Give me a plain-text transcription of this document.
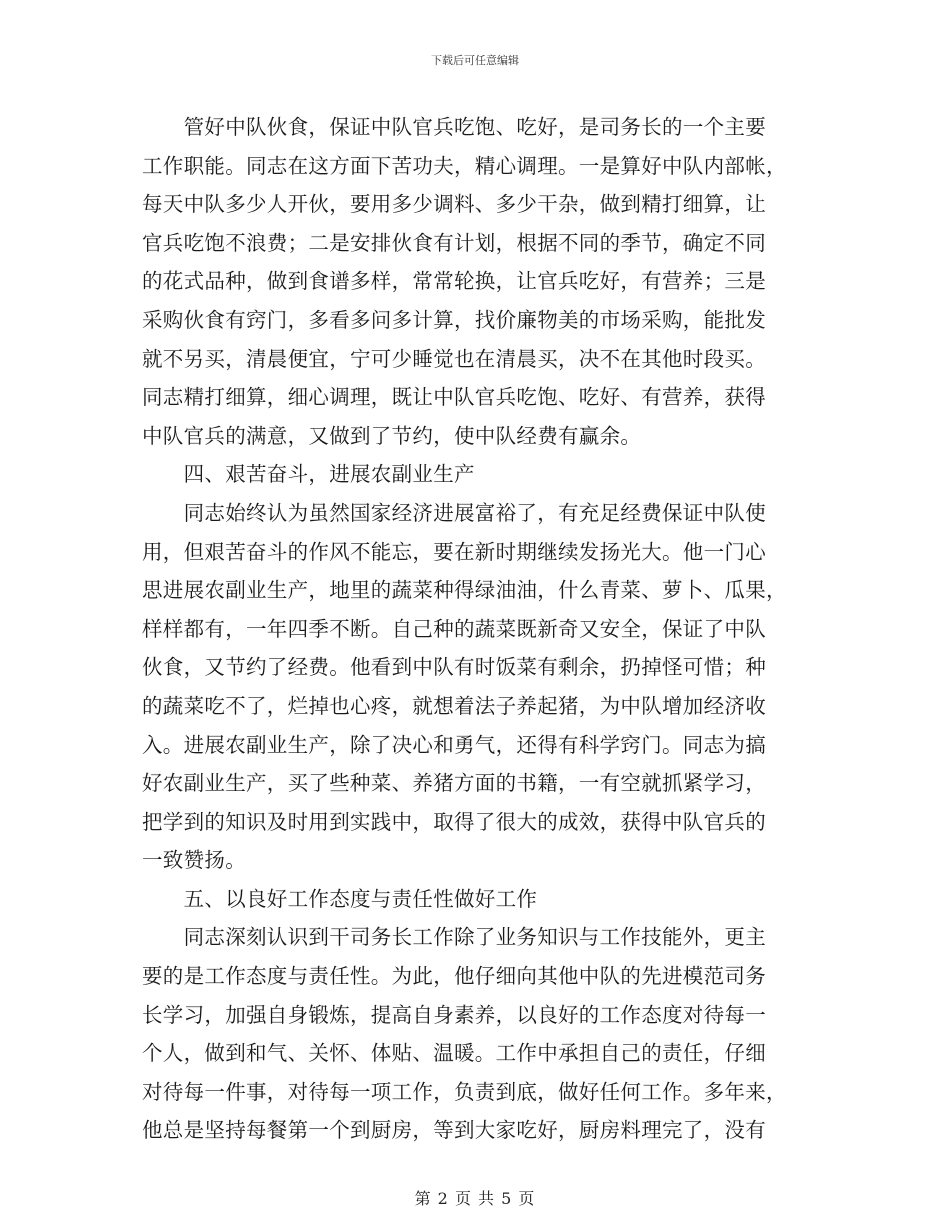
下载后可任意编辑

　　管好中队伙食，保证中队官兵吃饱、吃好，是司务长的一个主要

工作职能。同志在这方面下苦功夫，精心调理。一是算好中队内部帐，

每天中队多少人开伙，要用多少调料、多少干杂，做到精打细算，让

官兵吃饱不浪费；二是安排伙食有计划，根据不同的季节，确定不同

的花式品种，做到食谱多样，常常轮换，让官兵吃好，有营养；三是

采购伙食有窍门，多看多问多计算，找价廉物美的市场采购，能批发

就不另买，清晨便宜，宁可少睡觉也在清晨买，决不在其他时段买。

同志精打细算，细心调理，既让中队官兵吃饱、吃好、有营养，获得

中队官兵的满意，又做到了节约，使中队经费有赢余。

　　四、艰苦奋斗，进展农副业生产

　　同志始终认为虽然国家经济进展富裕了，有充足经费保证中队使

用，但艰苦奋斗的作风不能忘，要在新时期继续发扬光大。他一门心

思进展农副业生产，地里的蔬菜种得绿油油，什么青菜、萝卜、瓜果，

样样都有，一年四季不断。自己种的蔬菜既新奇又安全，保证了中队

伙食，又节约了经费。他看到中队有时饭菜有剩余，扔掉怪可惜；种

的蔬菜吃不了，烂掉也心疼，就想着法子养起猪，为中队增加经济收

入。进展农副业生产，除了决心和勇气，还得有科学窍门。同志为搞

好农副业生产，买了些种菜、养猪方面的书籍，一有空就抓紧学习，

把学到的知识及时用到实践中，取得了很大的成效，获得中队官兵的

一致赞扬。

　　五、以良好工作态度与责任性做好工作

　　同志深刻认识到干司务长工作除了业务知识与工作技能外，更主

要的是工作态度与责任性。为此，他仔细向其他中队的先进模范司务

长学习，加强自身锻炼，提高自身素养，以良好的工作态度对待每一

个人，做到和气、关怀、体贴、温暖。工作中承担自己的责任，仔细

对待每一件事，对待每一项工作，负责到底，做好任何工作。多年来，

他总是坚持每餐第一个到厨房，等到大家吃好，厨房料理完了，没有

第 2 页 共 5 页
